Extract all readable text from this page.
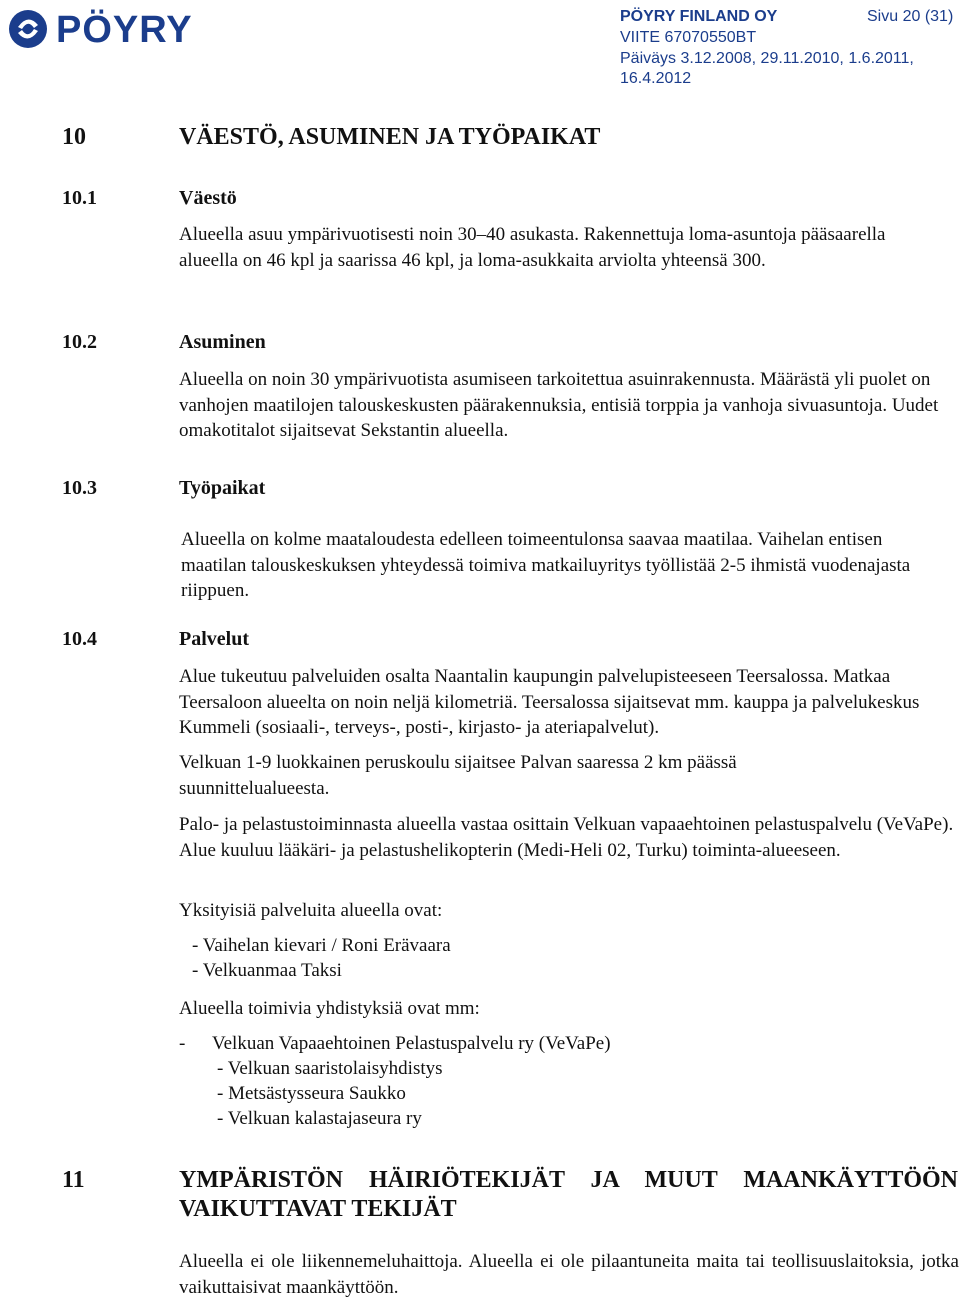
PÖYRY	PÖYRY FINLAND OY	Sivu 20 (31)
VIITE 67070550BT
Päiväys 3.12.2008, 29.11.2010, 1.6.2011, 16.4.2012
10	VÄESTÖ, ASUMINEN JA TYÖPAIKAT
10.1	Väestö

Alueella asuu ympärivuotisesti noin 30–40 asukasta. Rakennettuja loma-asuntoja pääsaarella alueella on 46 kpl ja saarissa 46 kpl, ja loma-asukkaita arviolta yhteensä 300.

10.2	Asuminen

Alueella on noin 30 ympärivuotista asumiseen tarkoitettua asuinrakennusta. Määrästä yli puolet on vanhojen maatilojen talouskeskusten päärakennuksia, entisiä torppia ja vanhoja sivuasuntoja. Uudet omakotitalot sijaitsevat Sekstantin alueella.

10.3	Työpaikat

Alueella on kolme maataloudesta edelleen toimeentulonsa saavaa maatilaa. Vaihelan entisen maatilan talouskeskuksen yhteydessä toimiva matkailuyritys työllistää 2-5 ihmistä vuodenajasta riippuen.

10.4	Palvelut

Alue tukeutuu palveluiden osalta Naantalin kaupungin palvelupisteeseen Teersalossa. Matkaa Teersaloon alueelta on noin neljä kilometriä. Teersalossa sijaitsevat mm. kauppa ja palvelukeskus Kummeli (sosiaali-, terveys-, posti-, kirjasto- ja ateriapalvelut).

Velkuan 1-9 luokkainen peruskoulu sijaitsee Palvan saaressa 2 km päässä suunnittelualueesta.

Palo- ja pelastustoiminnasta alueella vastaa osittain Velkuan vapaaehtoinen pelastuspalvelu (VeVaPe). Alue kuuluu lääkäri- ja pelastushelikopterin (Medi-Heli 02, Turku) toiminta-alueeseen.

Yksityisiä palveluita alueella ovat:
- Vaihelan kievari / Roni Erävaara
- Velkuanmaa Taksi
Alueella toimivia yhdistyksiä ovat mm:
- Velkuan Vapaaehtoinen Pelastuspalvelu ry (VeVaPe)
- Velkuan saaristolaisyhdistys
- Metsästysseura Saukko
- Velkuan kalastajaseura ry
11	YMPÄRISTÖN HÄIRIÖTEKIJÄT JA MUUT MAANKÄYTTÖÖN
VAIKUTTAVAT TEKIJÄT

Alueella ei ole liikennemeluhaittoja. Alueella ei ole pilaantuneita maita tai teollisuuslaitoksia, jotka vaikuttaisivat maankäyttöön.
